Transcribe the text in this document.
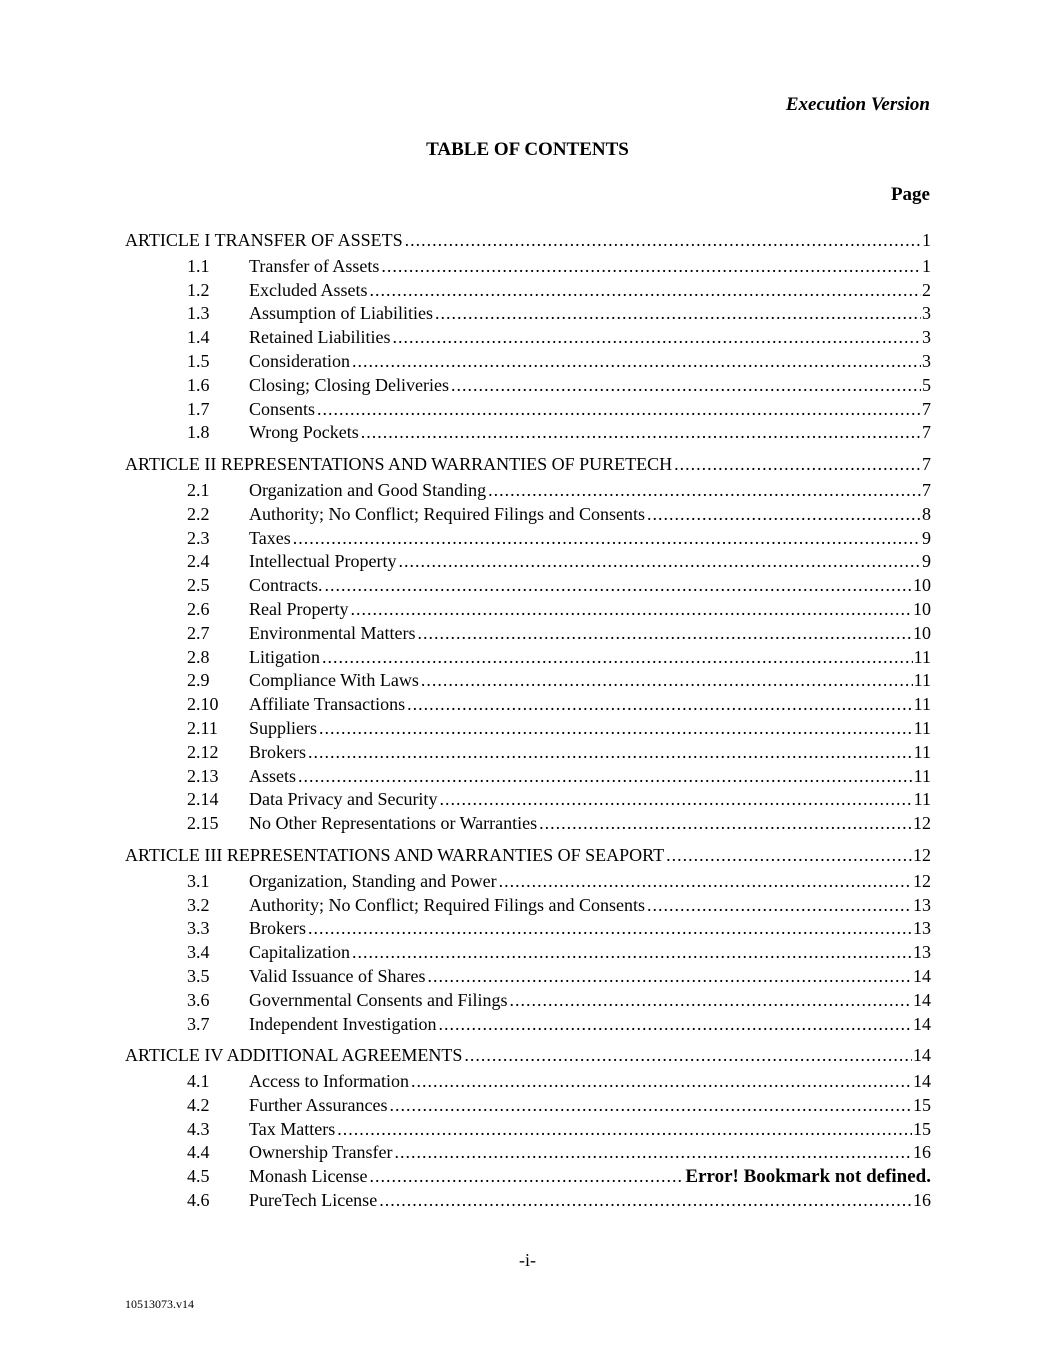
Execution Version
TABLE OF CONTENTS
Page
ARTICLE I TRANSFER OF ASSETS .....	1
1.1	Transfer of Assets .....	1
1.2	Excluded Assets .....	2
1.3	Assumption of Liabilities .....	3
1.4	Retained Liabilities .....	3
1.5	Consideration .....	3
1.6	Closing; Closing Deliveries .....	5
1.7	Consents .....	7
1.8	Wrong Pockets .....	7
ARTICLE II REPRESENTATIONS AND WARRANTIES OF PURETECH .....	7
2.1	Organization and Good Standing .....	7
2.2	Authority; No Conflict; Required Filings and Consents .....	8
2.3	Taxes .....	9
2.4	Intellectual Property .....	9
2.5	Contracts. .....	10
2.6	Real Property .....	10
2.7	Environmental Matters .....	10
2.8	Litigation .....	11
2.9	Compliance With Laws .....	11
2.10	Affiliate Transactions .....	11
2.11	Suppliers .....	11
2.12	Brokers .....	11
2.13	Assets .....	11
2.14	Data Privacy and Security .....	11
2.15	No Other Representations or Warranties .....	12
ARTICLE III REPRESENTATIONS AND WARRANTIES OF SEAPORT .....	12
3.1	Organization, Standing and Power .....	12
3.2	Authority; No Conflict; Required Filings and Consents .....	13
3.3	Brokers .....	13
3.4	Capitalization .....	13
3.5	Valid Issuance of Shares .....	14
3.6	Governmental Consents and Filings .....	14
3.7	Independent Investigation .....	14
ARTICLE IV ADDITIONAL AGREEMENTS .....	14
4.1	Access to Information .....	14
4.2	Further Assurances .....	15
4.3	Tax Matters .....	15
4.4	Ownership Transfer .....	16
4.5	Monash License .....	Error! Bookmark not defined.
4.6	PureTech License .....	16
-i-
10513073.v14
